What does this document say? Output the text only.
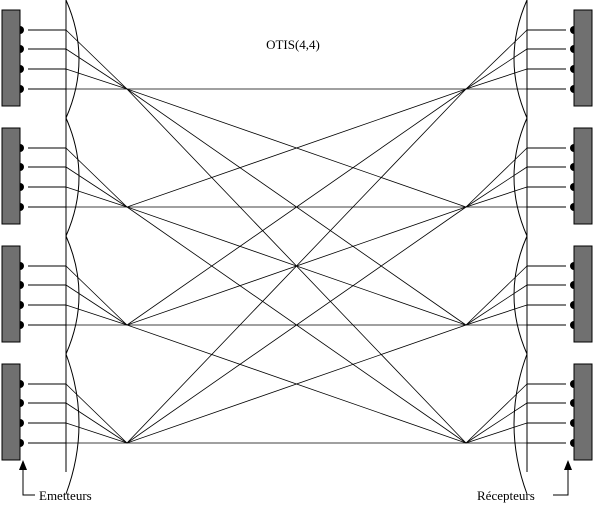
OTIS(4,4)
Emetteurs	Récepteurs
